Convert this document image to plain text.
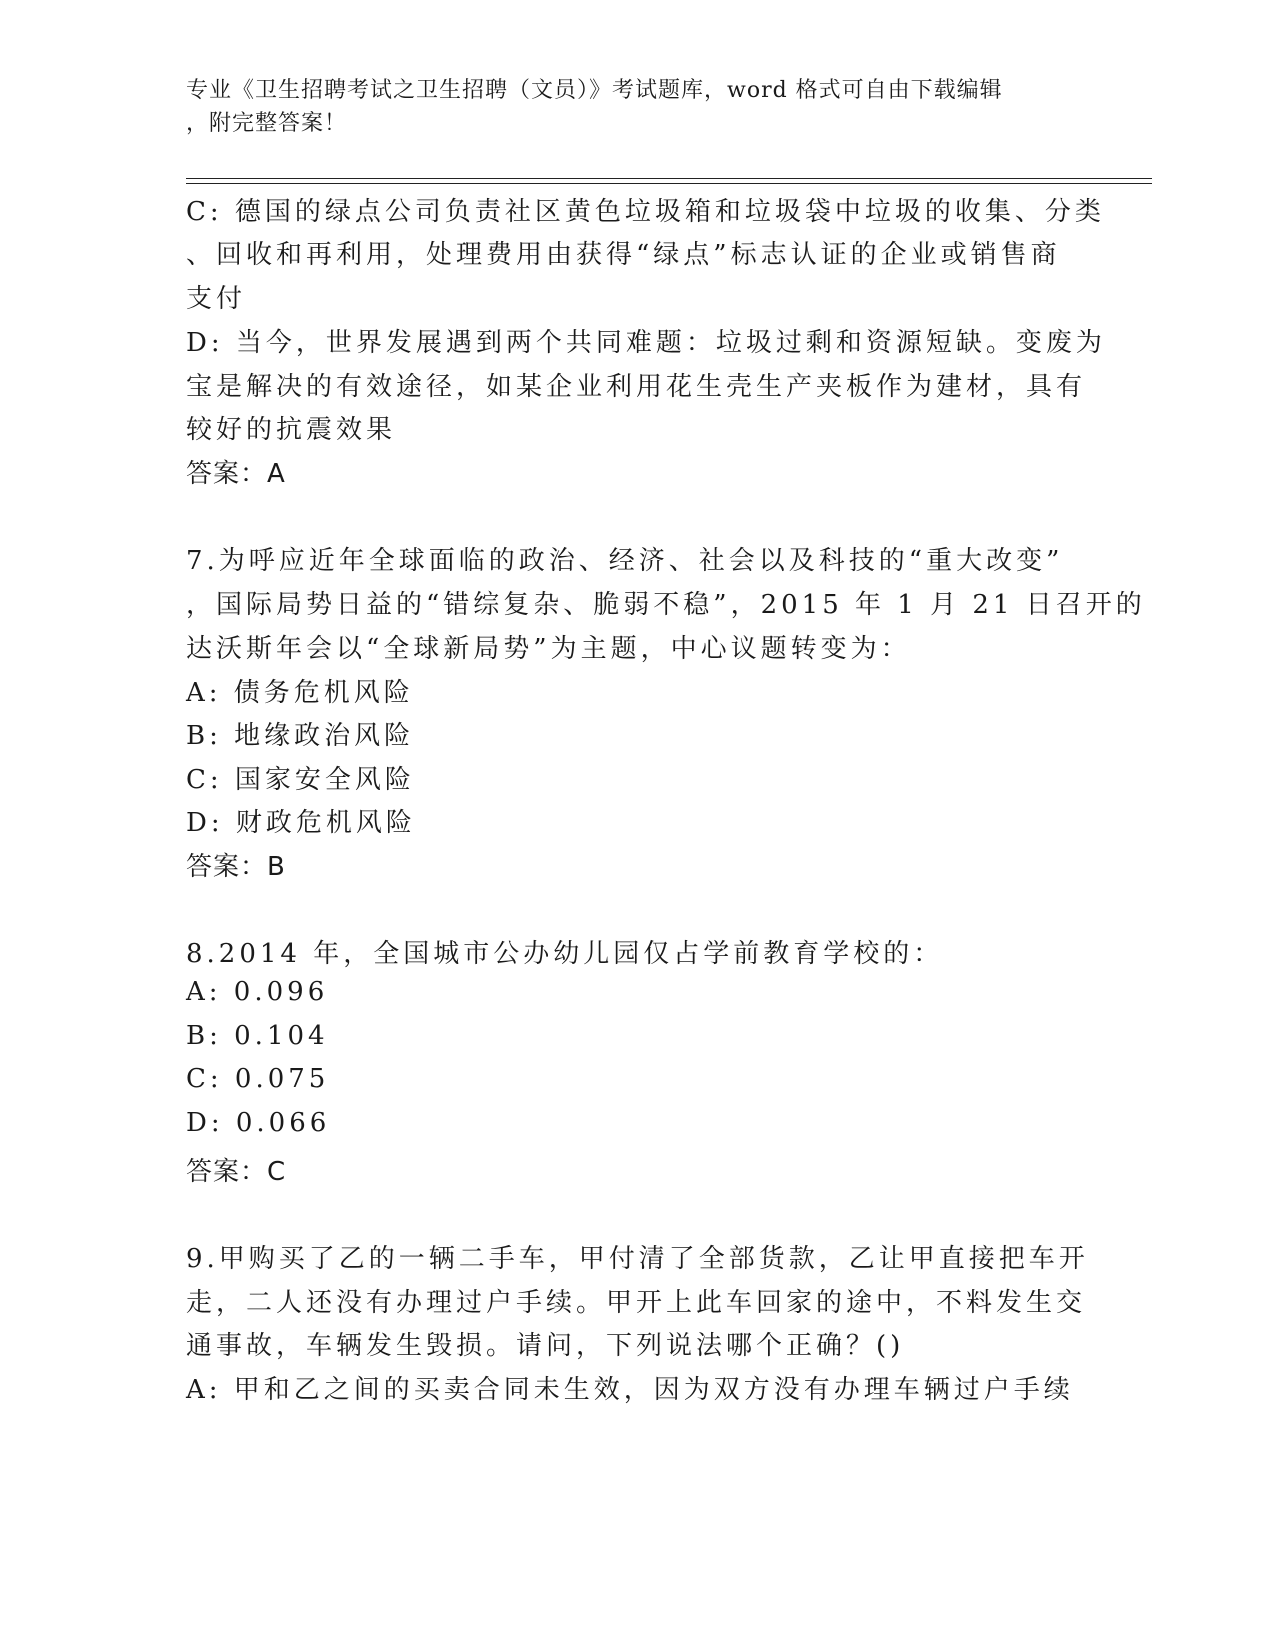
专业《卫生招聘考试之卫生招聘（文员）》考试题库，word 格式可自由下载编辑
，附完整答案！
C: 德国的绿点公司负责社区黄色垃圾箱和垃圾袋中垃圾的收集、分类
、回收和再利用，处理费用由获得“绿点”标志认证的企业或销售商
支付
D: 当今，世界发展遇到两个共同难题：垃圾过剩和资源短缺。变废为
宝是解决的有效途径，如某企业利用花生壳生产夹板作为建材，具有
较好的抗震效果
答案：A
7.为呼应近年全球面临的政治、经济、社会以及科技的“重大改变”
，国际局势日益的“错综复杂、脆弱不稳”，2015 年 1 月 21 日召开的
达沃斯年会以“全球新局势”为主题，中心议题转变为：
A: 债务危机风险
B: 地缘政治风险
C: 国家安全风险
D: 财政危机风险
答案：B
8.2014 年，全国城市公办幼儿园仅占学前教育学校的：
A: 0.096
B: 0.104
C: 0.075
D: 0.066
答案：C
9.甲购买了乙的一辆二手车，甲付清了全部货款，乙让甲直接把车开
走，二人还没有办理过户手续。甲开上此车回家的途中，不料发生交
通事故，车辆发生毁损。请问，下列说法哪个正确？()
A: 甲和乙之间的买卖合同未生效，因为双方没有办理车辆过户手续
